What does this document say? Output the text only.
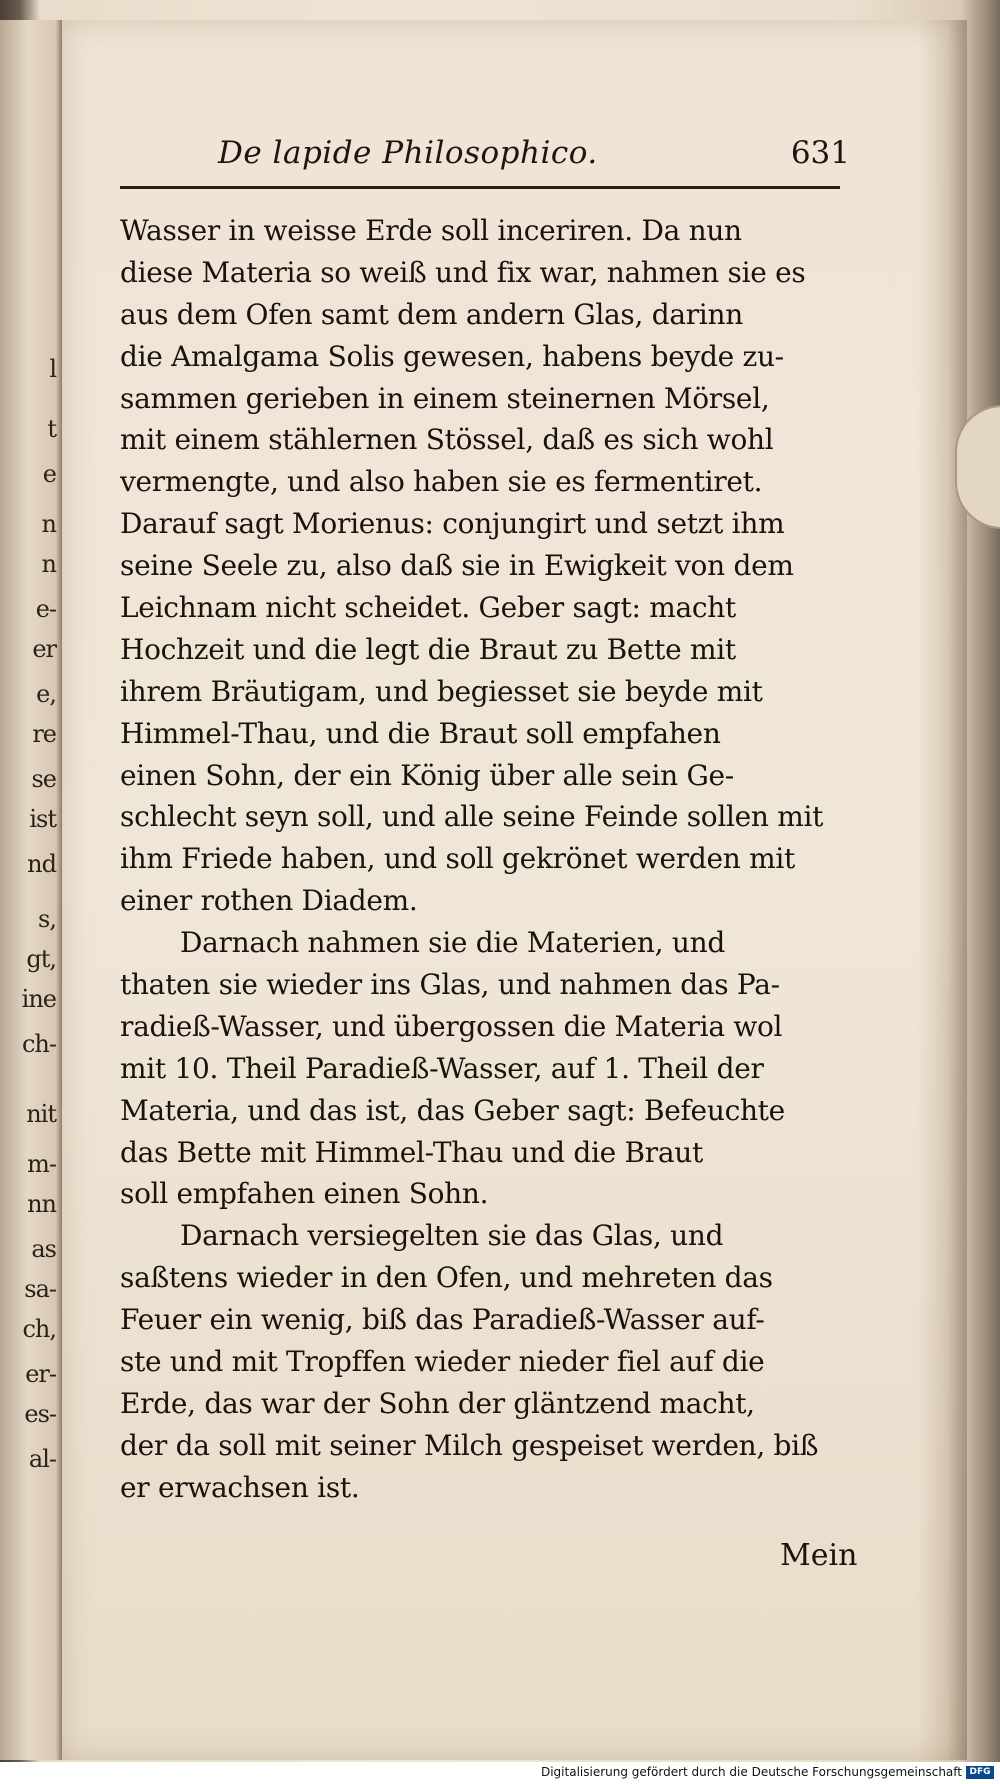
l
t
e
n
n
e-
er
e,
re
se
ist
nd
s,
gt,
ine
ch-
nit
m-
nn
as
sa-
ch,
er-
es-
al-
De lapide Philosophico.	631
Wasser in weisse Erde soll inceriren. Da nun
diese Materia so weiß und fix war, nahmen sie es
aus dem Ofen samt dem andern Glas, darinn
die Amalgama Solis gewesen, habens beyde zu-
sammen gerieben in einem steinernen Mörsel,
mit einem stählernen Stössel, daß es sich wohl
vermengte, und also haben sie es fermentiret.
Darauf sagt Morienus: conjungirt und setzt ihm
seine Seele zu, also daß sie in Ewigkeit von dem
Leichnam nicht scheidet. Geber sagt: macht
Hochzeit und die legt die Braut zu Bette mit
ihrem Bräutigam, und begiesset sie beyde mit
Himmel-Thau, und die Braut soll empfahen
einen Sohn, der ein König über alle sein Ge-
schlecht seyn soll, und alle seine Feinde sollen mit
ihm Friede haben, und soll gekrönet werden mit
einer rothen Diadem.
Darnach nahmen sie die Materien, und
thaten sie wieder ins Glas, und nahmen das Pa-
radieß-Wasser, und übergossen die Materia wol
mit 10. Theil Paradieß-Wasser, auf 1. Theil der
Materia, und das ist, das Geber sagt: Befeuchte
das Bette mit Himmel-Thau und die Braut
soll empfahen einen Sohn.
Darnach versiegelten sie das Glas, und
saßtens wieder in den Ofen, und mehreten das
Feuer ein wenig, biß das Paradieß-Wasser auf-
ste und mit Tropffen wieder nieder fiel auf die
Erde, das war der Sohn der gläntzend macht,
der da soll mit seiner Milch gespeiset werden, biß
er erwachsen ist.
Mein
Digitalisierung gefördert durch die Deutsche Forschungsgemeinschaft DFG
